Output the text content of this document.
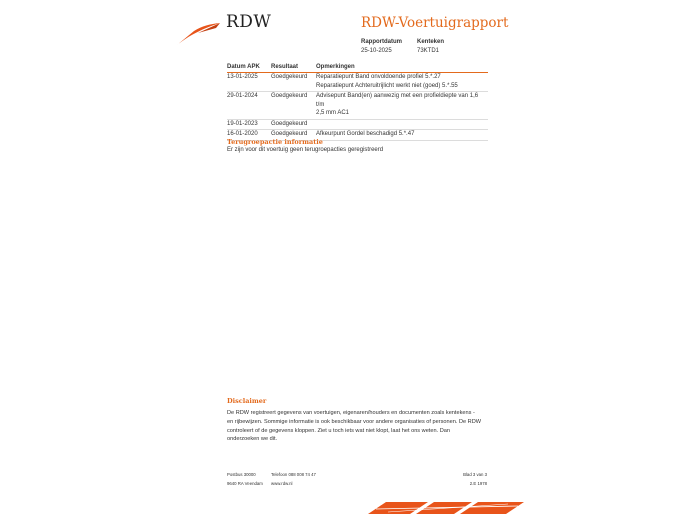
RDW	RDW-Voertuigrapport
Rapportdatum
25-10-2025
Kenteken
73KTD1
Datum APK	Resultaat	Opmerkingen
13-01-2025	Goedgekeurd	Reparatiepunt Band onvoldoende profiel 5.*.27
Reparatiepunt Achteruitrijlicht werkt niet (goed) 5.*.55
29-01-2024	Goedgekeurd	Advisepunt Band(en) aanwezig met een profieldiepte van 1,6 t/m
2,5 mm AC1
19-01-2023	Goedgekeurd
16-01-2020	Goedgekeurd	Afkeurpunt Gordel beschadigd 5.*.47
Terugroepactie informatie
Er zijn voor dit voertuig geen terugroepacties geregistreerd
Disclaimer
De RDW registreert gegevens van voertuigen, eigenaren/houders en documenten zoals kentekens - en rijbewijzen. Sommige informatie is ook beschikbaar voor andere organisaties of personen. De RDW controleert of de gegevens kloppen. Ziet u toch iets wat niet klopt, laat het ons weten. Dan onderzoeken we dit.
Postbus 30000
9640 RA Veendam
Telefoon 088 008 74 47
www.rdw.nl
Blad 3 van 3
2.E 1978
